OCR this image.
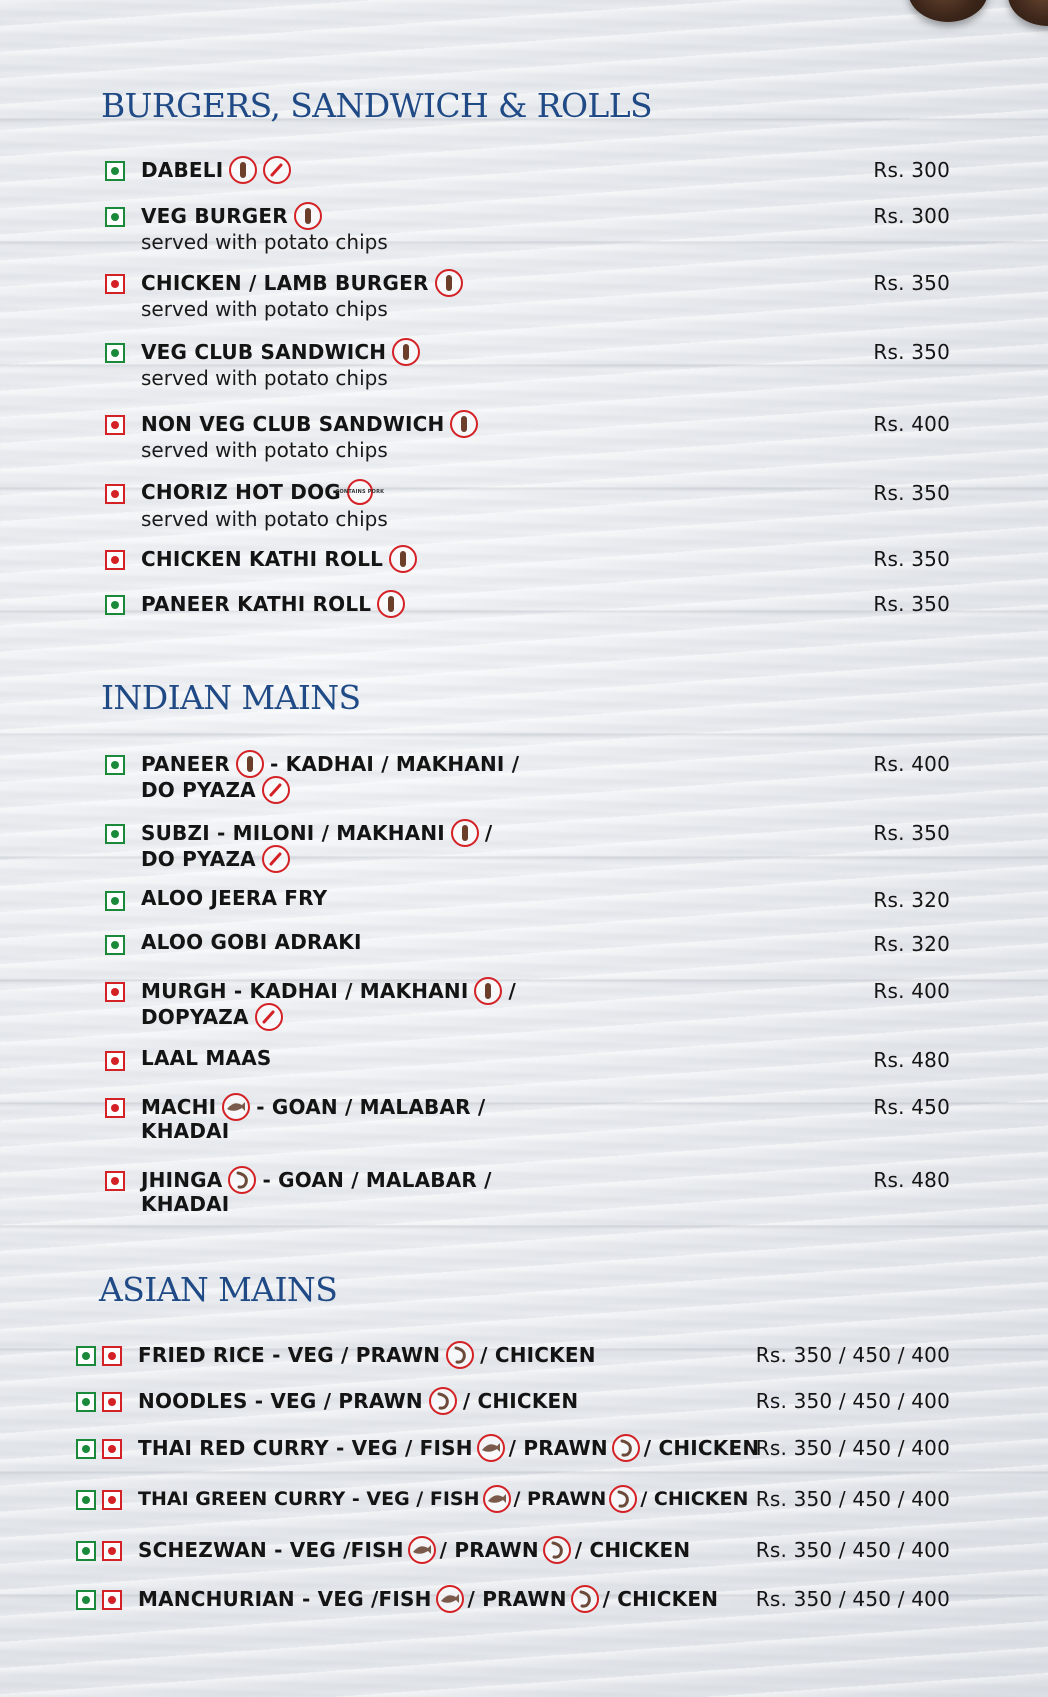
BURGERS, SANDWICH & ROLLS
DABELI	Rs. 300
VEG BURGER
served with potato chips
Rs. 300
CHICKEN / LAMB BURGER
served with potato chips
Rs. 350
VEG CLUB SANDWICH
served with potato chips
Rs. 350
NON VEG CLUB SANDWICH
served with potato chips
Rs. 400
CHORIZ HOT DOG
CONTAINS PORK
served with potato chips
Rs. 350
CHICKEN KATHI ROLL	Rs. 350
PANEER KATHI ROLL	Rs. 350
INDIAN MAINS
PANEER - KADHAI / MAKHANI /
DO PYAZA
Rs. 400
SUBZI - MILONI / MAKHANI /
DO PYAZA
Rs. 350
ALOO JEERA FRY	Rs. 320
ALOO GOBI ADRAKI	Rs. 320
MURGH - KADHAI / MAKHANI /
DOPYAZA
Rs. 400
LAAL MAAS	Rs. 480
MACHI - GOAN / MALABAR /
KHADAI
Rs. 450
JHINGA - GOAN / MALABAR /
KHADAI
Rs. 480
ASIAN MAINS
FRIED RICE - VEG / PRAWN / CHICKEN	Rs. 350 / 450 / 400
NOODLES - VEG / PRAWN / CHICKEN	Rs. 350 / 450 / 400
THAI RED CURRY - VEG / FISH / PRAWN / CHICKEN
Rs. 350 / 450 / 400
THAI GREEN CURRY - VEG / FISH / PRAWN / CHICKEN Rs. 350 / 450 / 400
SCHEZWAN - VEG /FISH / PRAWN / CHICKEN	Rs. 350 / 450 / 400
MANCHURIAN - VEG /FISH / PRAWN / CHICKEN Rs. 350 / 450 / 400
